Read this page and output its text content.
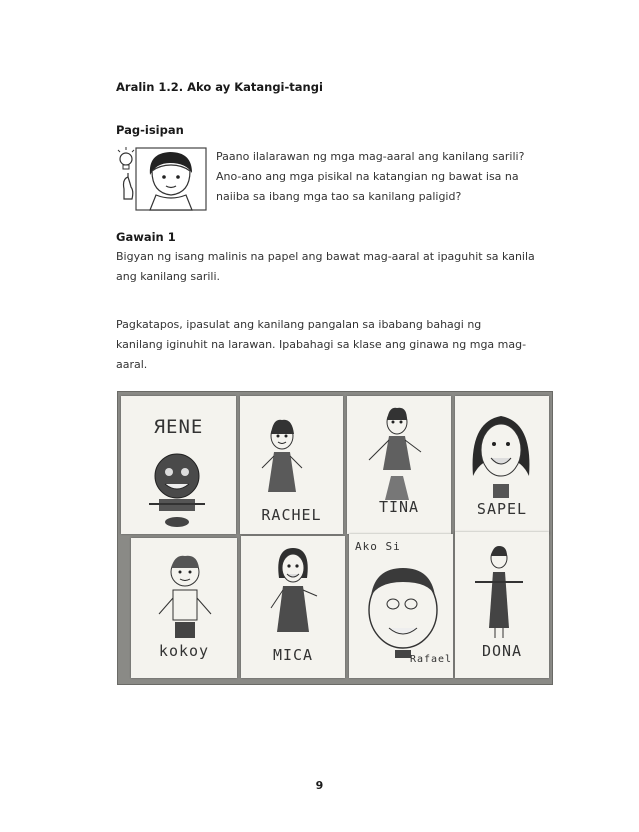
Aralin 1.2. Ako ay Katangi-tangi
Pag-isipan
Paano ilalarawan ng mga mag-aaral ang kanilang sarili?
Ano-ano ang mga pisikal na katangian ng bawat isa na
naiiba sa ibang mga tao sa kanilang paligid?
Gawain 1
Bigyan ng isang malinis na papel ang bawat mag-aaral at ipaguhit sa kanila
ang kanilang sarili.
Pagkatapos, ipasulat ang kanilang pangalan sa ibabang bahagi ng
kanilang iginuhit na larawan. Ipabahagi sa klase ang ginawa ng mga mag-
aaral.
ЯENE
RACHEL	TINA	SAPEL
kokoy	MICA
Ako Si
Rafael	DONA
9
